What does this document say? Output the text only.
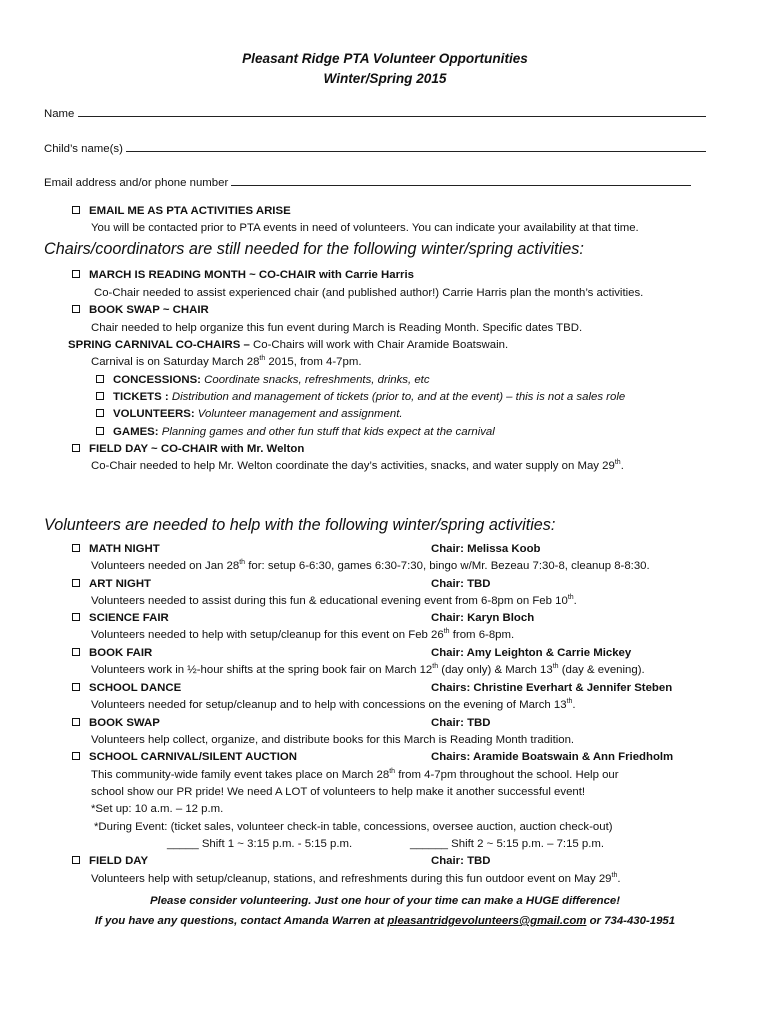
Pleasant Ridge PTA Volunteer Opportunities
Winter/Spring 2015
Name
Child’s name(s)
Email address and/or phone number
EMAIL ME AS PTA ACTIVITIES ARISE
You will be contacted prior to PTA events in need of volunteers. You can indicate your availability at that time.
Chairs/coordinators are still needed for the following winter/spring activities:
MARCH IS READING MONTH ~ CO-CHAIR with Carrie Harris
Co-Chair needed to assist experienced chair (and published author!) Carrie Harris plan the month’s activities.
BOOK SWAP ~ CHAIR
Chair needed to help organize this fun event during March is Reading Month. Specific dates TBD.
SPRING CARNIVAL CO-CHAIRS – Co-Chairs will work with Chair Aramide Boatswain.
Carnival is on Saturday March 28th 2015, from 4-7pm.
CONCESSIONS: Coordinate snacks, refreshments, drinks, etc
TICKETS : Distribution and management of tickets (prior to, and at the event) – this is not a sales role
VOLUNTEERS: Volunteer management and assignment.
GAMES: Planning games and other fun stuff that kids expect at the carnival
FIELD DAY ~ CO-CHAIR with Mr. Welton
Co-Chair needed to help Mr. Welton coordinate the day’s activities, snacks, and water supply on May 29th.
Volunteers are needed to help with the following winter/spring activities:
MATH NIGHT	Chair: Melissa Koob
Volunteers needed on Jan 28th for: setup 6-6:30, games 6:30-7:30, bingo w/Mr. Bezeau 7:30-8, cleanup 8-8:30.
ART NIGHT	Chair: TBD
Volunteers needed to assist during this fun & educational evening event from 6-8pm on Feb 10th.
SCIENCE FAIR	Chair: Karyn Bloch
Volunteers needed to help with setup/cleanup for this event on Feb 26th from 6-8pm.
BOOK FAIR	Chair: Amy Leighton & Carrie Mickey
Volunteers work in ½-hour shifts at the spring book fair on March 12th (day only) & March 13th (day & evening).
SCHOOL DANCE	Chairs: Christine Everhart & Jennifer Steben
Volunteers needed for setup/cleanup and to help with concessions on the evening of March 13th.
BOOK SWAP	Chair: TBD
Volunteers help collect, organize, and distribute books for this March is Reading Month tradition.
SCHOOL CARNIVAL/SILENT AUCTION	Chairs: Aramide Boatswain & Ann Friedholm
This community-wide family event takes place on March 28th from 4-7pm throughout the school. Help our
school show our PR pride! We need A LOT of volunteers to help make it another successful event!
*Set up: 10 a.m. – 12 p.m.
*During Event: (ticket sales, volunteer check-in table, concessions, oversee auction, auction check-out)
_____ Shift 1 ~ 3:15 p.m. - 5:15 p.m.	______ Shift 2 ~ 5:15 p.m. – 7:15 p.m.
FIELD DAY	Chair: TBD
Volunteers help with setup/cleanup, stations, and refreshments during this fun outdoor event on May 29th.
Please consider volunteering. Just one hour of your time can make a HUGE difference!
If you have any questions, contact Amanda Warren at pleasantridgevolunteers@gmail.com or 734-430-1951
